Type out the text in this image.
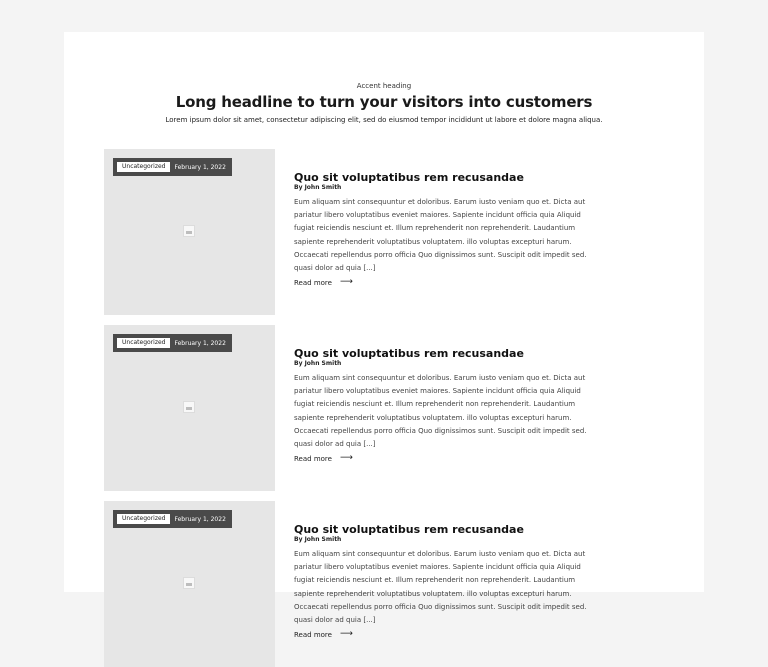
Accent heading
Long headline to turn your visitors into customers
Lorem ipsum dolor sit amet, consectetur adipiscing elit, sed do eiusmod tempor incididunt ut labore et dolore magna aliqua.
Uncategorized	February 1, 2022
Quo sit voluptatibus rem recusandae
By John Smith
Eum aliquam sint consequuntur et doloribus. Earum iusto veniam quo et. Dicta aut pariatur libero voluptatibus eveniet maiores. Sapiente incidunt officia quia Aliquid fugiat reiciendis nesciunt et. Illum reprehenderit non reprehenderit. Laudantium sapiente reprehenderit voluptatibus voluptatem. illo voluptas excepturi harum. Occaecati repellendus porro officia Quo dignissimos sunt. Suscipit odit impedit sed. quasi dolor ad quia [...]
Read more ⟶
Uncategorized	February 1, 2022
Quo sit voluptatibus rem recusandae
By John Smith
Eum aliquam sint consequuntur et doloribus. Earum iusto veniam quo et. Dicta aut pariatur libero voluptatibus eveniet maiores. Sapiente incidunt officia quia Aliquid fugiat reiciendis nesciunt et. Illum reprehenderit non reprehenderit. Laudantium sapiente reprehenderit voluptatibus voluptatem. illo voluptas excepturi harum. Occaecati repellendus porro officia Quo dignissimos sunt. Suscipit odit impedit sed. quasi dolor ad quia [...]
Read more ⟶
Uncategorized	February 1, 2022
Quo sit voluptatibus rem recusandae
By John Smith
Eum aliquam sint consequuntur et doloribus. Earum iusto veniam quo et. Dicta aut pariatur libero voluptatibus eveniet maiores. Sapiente incidunt officia quia Aliquid fugiat reiciendis nesciunt et. Illum reprehenderit non reprehenderit. Laudantium sapiente reprehenderit voluptatibus voluptatem. illo voluptas excepturi harum. Occaecati repellendus porro officia Quo dignissimos sunt. Suscipit odit impedit sed. quasi dolor ad quia [...]
Read more ⟶
